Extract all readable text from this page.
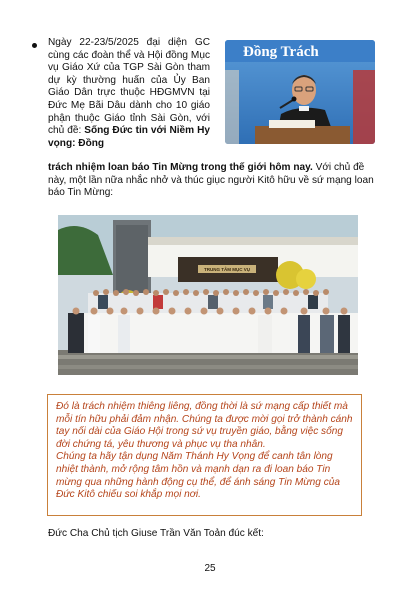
Ngày 22-23/5/2025 đại diện GC cùng các đoàn thể và Hội đồng Mục vụ Giáo Xứ của TGP Sài Gòn tham dự kỳ thường huấn của Ủy Ban Giáo Dân trực thuộc HĐGMVN tại Đức Mẹ Bãi Dâu dành cho 10 giáo phận thuộc Giáo tỉnh Sài Gòn, với chủ đề: Sống Đức tin với Niềm Hy vọng: Đồng
trách nhiệm loan báo Tin Mừng trong thế giới hôm nay. Với chủ đề này, một lần nữa nhắc nhở và thúc giục người Kitô hữu về sứ mạng loan báo Tin Mừng:
Đồng Trách
TRUNG TÂM MỤC VỤ

Đó là trách nhiệm thiêng liêng, đồng thời là sứ mạng cấp thiết mà mỗi tín hữu phải đảm nhận. Chúng ta được mời gọi trở thành cánh tay nối dài của Giáo Hội trong sứ vụ truyền giáo, bằng việc sống đời chứng tá, yêu thương và phục vụ tha nhân.

Chúng ta hãy tận dụng Năm Thánh Hy Vọng để canh tân lòng nhiệt thành, mở rộng tâm hồn và mạnh dạn ra đi loan báo Tin mừng qua những hành động cụ thể, để ánh sáng Tin Mừng của Đức Kitô chiếu soi khắp mọi nơi.

Đức Cha Chủ tịch Giuse Trần Văn Toản đúc kết:
25
